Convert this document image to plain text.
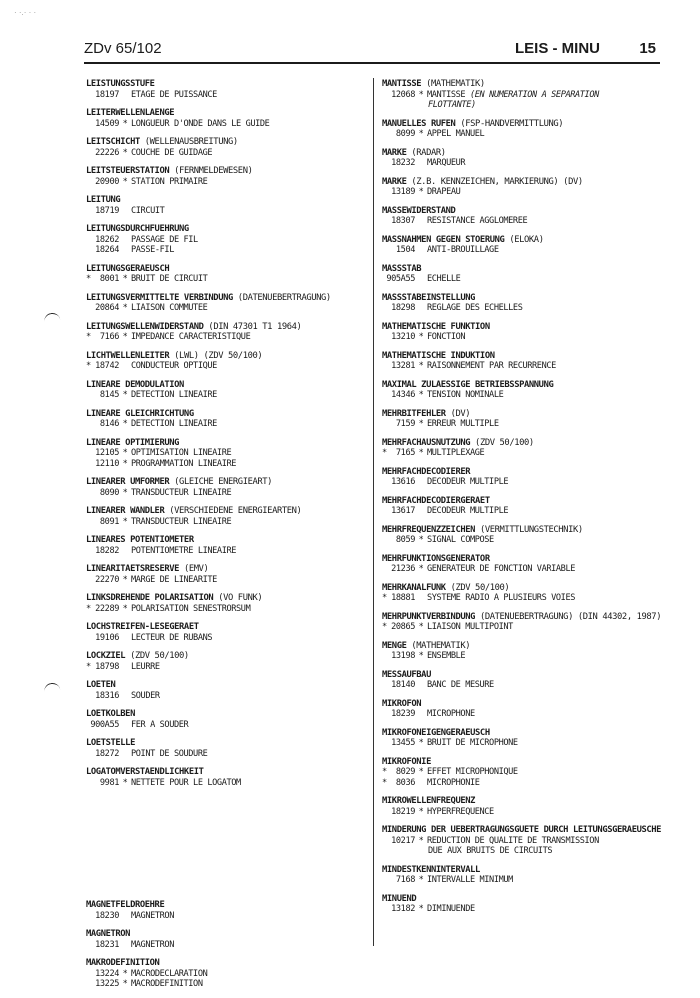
· ·.· · ·
ZDv 65/102	LEIS - MINU	15
LEISTUNGSSTUFE
18197 ETAGE DE PUISSANCE
LEITERWELLENLAENGE
14509 * LONGUEUR D'ONDE DANS LE GUIDE
LEITSCHICHT (WELLENAUSBREITUNG)
22226 * COUCHE DE GUIDAGE
LEITSTEUERSTATION (FERNMELDEWESEN)
20900 * STATION PRIMAIRE
LEITUNG
18719 CIRCUIT
LEITUNGSDURCHFUEHRUNG
18262 PASSAGE DE FIL
18264 PASSE-FIL
LEITUNGSGERAEUSCH
* 8001 * BRUIT DE CIRCUIT
LEITUNGSVERMITTELTE VERBINDUNG (DATENUEBERTRAGUNG)
20864 * LIAISON COMMUTEE
LEITUNGSWELLENWIDERSTAND (DIN 47301 T1 1964)
* 7166 * IMPEDANCE CARACTERISTIQUE
LICHTWELLENLEITER (LWL) (ZDV 50/100)
* 18742 CONDUCTEUR OPTIQUE
LINEARE DEMODULATION
8145 * DETECTION LINEAIRE
LINEARE GLEICHRICHTUNG
8146 * DETECTION LINEAIRE
LINEARE OPTIMIERUNG
12105 * OPTIMISATION LINEAIRE
12110 * PROGRAMMATION LINEAIRE
LINEARER UMFORMER (GLEICHE ENERGIEART)
8090 * TRANSDUCTEUR LINEAIRE
LINEARER WANDLER (VERSCHIEDENE ENERGIEARTEN)
8091 * TRANSDUCTEUR LINEAIRE
LINEARES POTENTIOMETER
18282 POTENTIOMETRE LINEAIRE
LINEARITAETSRESERVE (EMV)
22270 * MARGE DE LINEARITE
LINKSDREHENDE POLARISATION (VO FUNK)
* 22289 * POLARISATION SENESTRORSUM
LOCHSTREIFEN-LESEGERAET
19106 LECTEUR DE RUBANS
LOCKZIEL (ZDV 50/100)
* 18798 LEURRE
LOETEN
18316 SOUDER
LOETKOLBEN
900A55 FER A SOUDER
LOETSTELLE
18272 POINT DE SOUDURE
LOGATOMVERSTAENDLICHKEIT
9981 * NETTETE POUR LE LOGATOM
MAGNETFELDROEHRE
18230 MAGNETRON
MAGNETRON
18231 MAGNETRON
MAKRODEFINITION
13224 * MACRODECLARATION
13225 * MACRODEFINITION
MANTISSE (MATHEMATIK)
12068 * MANTISSE (EN NUMERATION A SEPARATION
FLOTTANTE)
MANUELLES RUFEN (FSP-HANDVERMITTLUNG)
8099 * APPEL MANUEL
MARKE (RADAR)
18232 MARQUEUR
MARKE (Z.B. KENNZEICHEN, MARKIERUNG) (DV)
13189 * DRAPEAU
MASSEWIDERSTAND
18307 RESISTANCE AGGLOMEREE
MASSNAHMEN GEGEN STOERUNG (ELOKA)
1504 ANTI-BROUILLAGE
MASSSTAB
905A55 ECHELLE
MASSSTABEINSTELLUNG
18298 REGLAGE DES ECHELLES
MATHEMATISCHE FUNKTION
13210 * FONCTION
MATHEMATISCHE INDUKTION
13281 * RAISONNEMENT PAR RECURRENCE
MAXIMAL ZULAESSIGE BETRIEBSSPANNUNG
14346 * TENSION NOMINALE
MEHRBITFEHLER (DV)
7159 * ERREUR MULTIPLE
MEHRFACHAUSNUTZUNG (ZDV 50/100)
* 7165 * MULTIPLEXAGE
MEHRFACHDECODIERER
13616 DECODEUR MULTIPLE
MEHRFACHDECODIERGERAET
13617 DECODEUR MULTIPLE
MEHRFREQUENZZEICHEN (VERMITTLUNGSTECHNIK)
8059 * SIGNAL COMPOSE
MEHRFUNKTIONSGENERATOR
21236 * GENERATEUR DE FONCTION VARIABLE
MEHRKANALFUNK (ZDV 50/100)
* 18881 SYSTEME RADIO A PLUSIEURS VOIES
MEHRPUNKTVERBINDUNG (DATENUEBERTRAGUNG) (DIN 44302, 1987)
* 20865 * LIAISON MULTIPOINT
MENGE (MATHEMATIK)
13198 * ENSEMBLE
MESSAUFBAU
18140 BANC DE MESURE
MIKROFON
18239 MICROPHONE
MIKROFONEIGENGERAEUSCH
13455 * BRUIT DE MICROPHONE
MIKROFONIE
* 8029 * EFFET MICROPHONIQUE
* 8036 MICROPHONIE
MIKROWELLENFREQUENZ
18219 * HYPERFREQUENCE
MINDERUNG DER UEBERTRAGUNGSGUETE DURCH LEITUNGSGERAEUSCHE
10217 * REDUCTION DE QUALITE DE TRANSMISSION
DUE AUX BRUITS DE CIRCUITS
MINDESTKENNINTERVALL
7168 * INTERVALLE MINIMUM
MINUEND
13182 * DIMINUENDE
